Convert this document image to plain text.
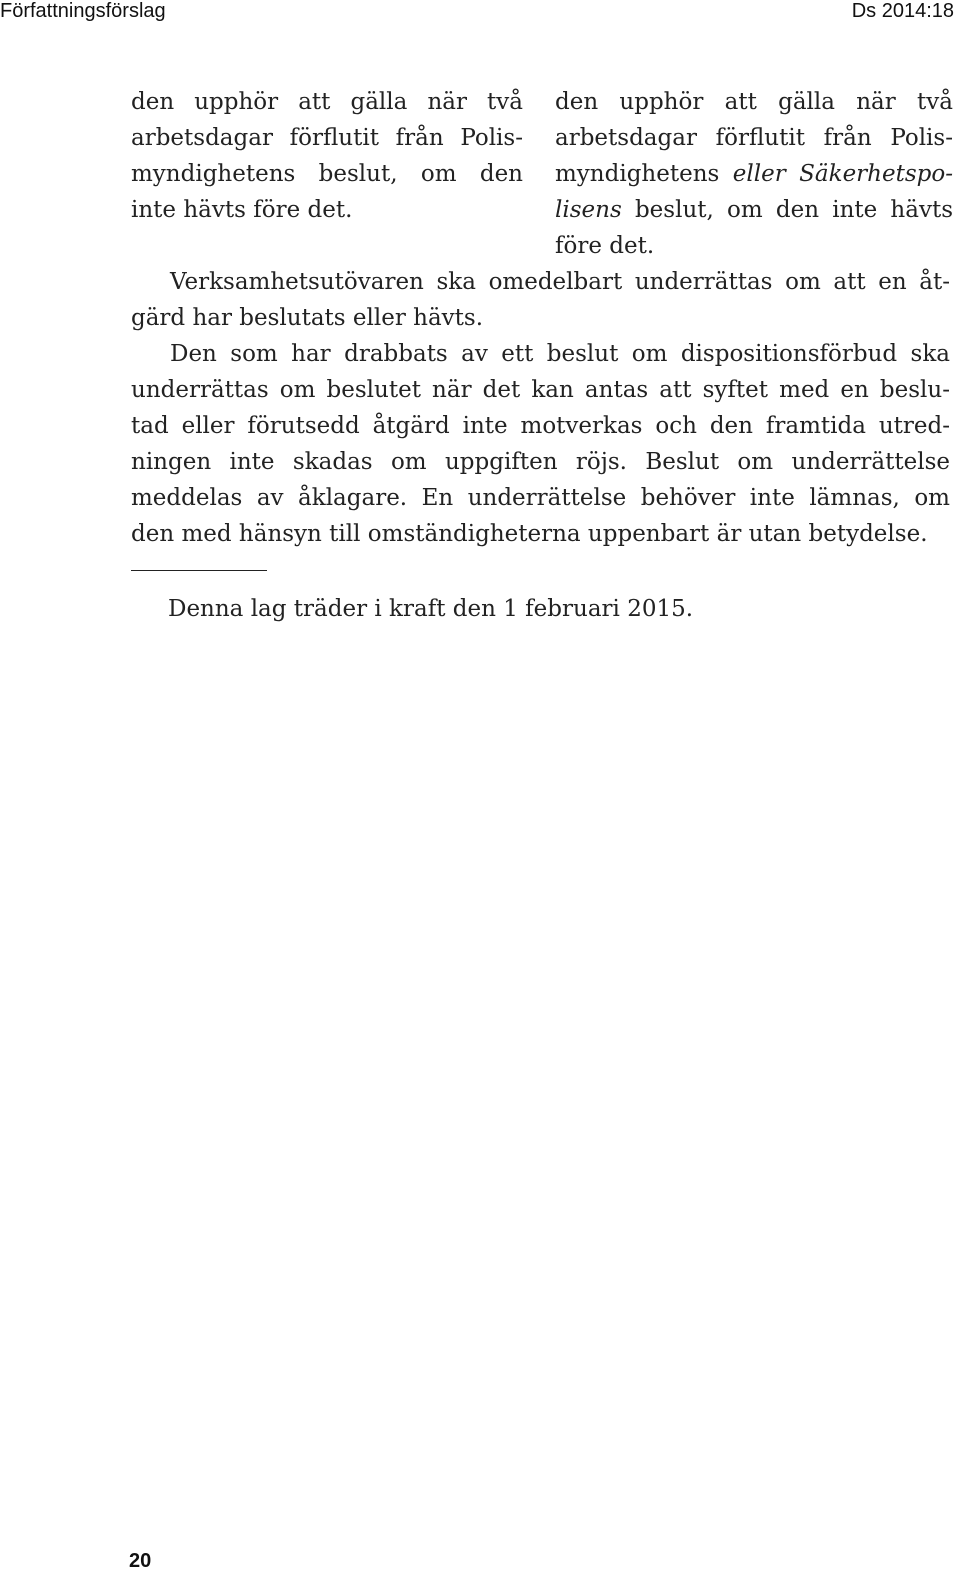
Författningsförslag	Ds 2014:18
den upphör att gälla när två
arbetsdagar förflutit från Polis-
myndighetens beslut, om den
inte hävts före det.
den upphör att gälla när två
arbetsdagar förflutit från Polis-
myndighetens eller Säkerhetspo-
lisens beslut, om den inte hävts
före det.
Verksamhetsutövaren ska omedelbart underrättas om att en åt-
gärd har beslutats eller hävts.
Den som har drabbats av ett beslut om dispositionsförbud ska
underrättas om beslutet när det kan antas att syftet med en beslu-
tad eller förutsedd åtgärd inte motverkas och den framtida utred-
ningen inte skadas om uppgiften röjs. Beslut om underrättelse
meddelas av åklagare. En underrättelse behöver inte lämnas, om
den med hänsyn till omständigheterna uppenbart är utan betydelse.

Denna lag träder i kraft den 1 februari 2015.

20
